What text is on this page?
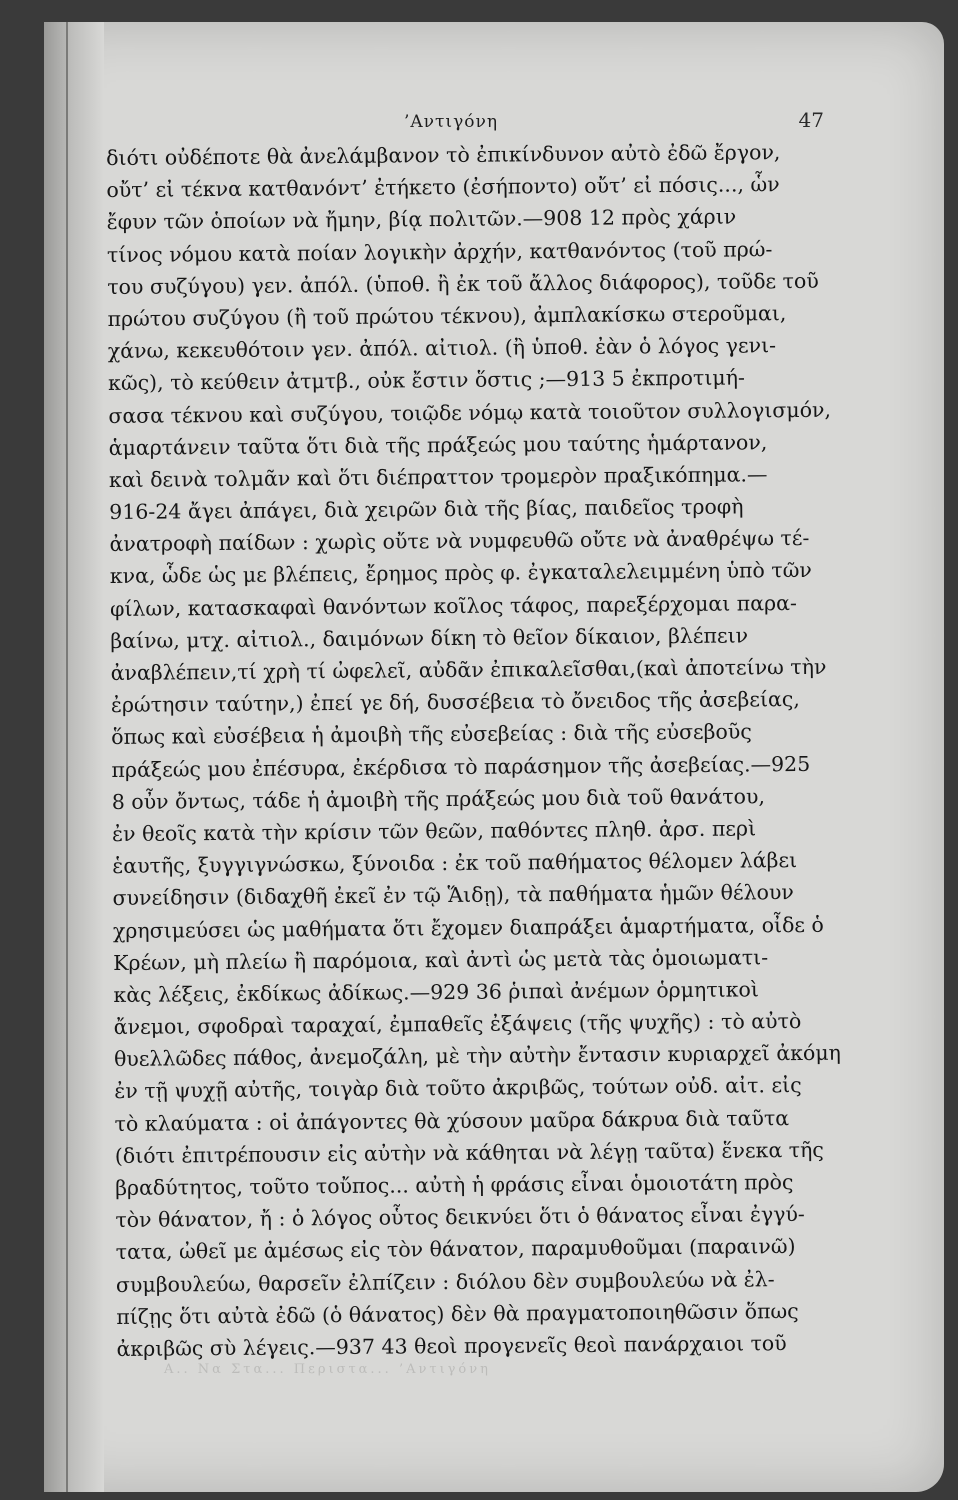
’Αντιγόνη	47
Α.. Να Στα... Περιστα... ’Αντιγόνη
διότι οὐδέποτε θὰ ἀνελάμβανον τὸ ἐπικίνδυνον αὐτὸ ἐδῶ ἔργον,
οὔτ’ εἰ τέκνα κατθανόντ’ ἐτήκετο (ἐσήποντο) οὔτ’ εἰ πόσις..., ὧν
ἔφυν τῶν ὁποίων νὰ ἤμην, βίᾳ πολιτῶν.—908 12 πρὸς χάριν
τίνος νόμου κατὰ ποίαν λογικὴν ἀρχήν, κατθανόντος (τοῦ πρώ-
του συζύγου) γεν. ἀπόλ. (ὑποθ. ἢ ἐκ τοῦ ἄλλος διάφορος), τοῦδε τοῦ
πρώτου συζύγου (ἢ τοῦ πρώτου τέκνου), ἀμπλακίσκω στεροῦμαι,
χάνω, κεκευθότοιν γεν. ἀπόλ. αἰτιολ. (ἢ ὑποθ. ἐὰν ὁ λόγος γενι-
κῶς), τὸ κεύθειν ἀτμτβ., οὐκ ἔστιν ὅστις ;—913 5 ἐκπροτιμή-
σασα τέκνου καὶ συζύγου, τοιῷδε νόμῳ κατὰ τοιοῦτον συλλογισμόν,
ἁμαρτάνειν ταῦτα ὅτι διὰ τῆς πράξεώς μου ταύτης ἡμάρτανον,
καὶ δεινὰ τολμᾶν καὶ ὅτι διέπραττον τρομερὸν πραξικόπημα.—
916-24 ἄγει ἀπάγει, διὰ χειρῶν διὰ τῆς βίας, παιδεῖος τροφὴ
ἀνατροφὴ παίδων : χωρὶς οὔτε νὰ νυμφευθῶ οὔτε νὰ ἀναθρέψω τέ-
κνα, ὧδε ὡς με βλέπεις, ἔρημος πρὸς φ. ἐγκαταλελειμμένη ὑπὸ τῶν
φίλων, κατασκαφαὶ θανόντων κοῖλος τάφος, παρεξέρχομαι παρα-
βαίνω, μτχ. αἰτιολ., δαιμόνων δίκη τὸ θεῖον δίκαιον, βλέπειν
ἀναβλέπειν,τί χρὴ τί ὠφελεῖ, αὐδᾶν ἐπικαλεῖσθαι,(καὶ ἀποτείνω τὴν
ἐρώτησιν ταύτην,) ἐπεί γε δή, δυσσέβεια τὸ ὄνειδος τῆς ἀσεβείας,
ὅπως καὶ εὐσέβεια ἡ ἀμοιβὴ τῆς εὐσεβείας : διὰ τῆς εὐσεβοῦς
πράξεώς μου ἐπέσυρα, ἐκέρδισα τὸ παράσημον τῆς ἀσεβείας.—925
8 οὖν ὄντως, τάδε ἡ ἀμοιβὴ τῆς πράξεώς μου διὰ τοῦ θανάτου,
ἐν θεοῖς κατὰ τὴν κρίσιν τῶν θεῶν, παθόντες πληθ. ἀρσ. περὶ
ἑαυτῆς, ξυγγιγνώσκω, ξύνοιδα : ἐκ τοῦ παθήματος θέλομεν λάβει
συνείδησιν (διδαχθῆ ἐκεῖ ἐν τῷ Ἅιδῃ), τὰ παθήματα ἡμῶν θέλουν
χρησιμεύσει ὡς μαθήματα ὅτι ἔχομεν διαπράξει ἁμαρτήματα, οἶδε ὁ
Κρέων, μὴ πλείω ἢ παρόμοια, καὶ ἀντὶ ὡς μετὰ τὰς ὁμοιωματι-
κὰς λέξεις, ἐκδίκως ἀδίκως.—929 36 ῥιπαὶ ἀνέμων ὁρμητικοὶ
ἄνεμοι, σφοδραὶ ταραχαί, ἐμπαθεῖς ἐξάψεις (τῆς ψυχῆς) : τὸ αὐτὸ
θυελλῶδες πάθος, ἀνεμοζάλη, μὲ τὴν αὐτὴν ἔντασιν κυριαρχεῖ ἀκόμη
ἐν τῇ ψυχῇ αὐτῆς, τοιγὰρ διὰ τοῦτο ἀκριβῶς, τούτων οὐδ. αἰτ. εἰς
τὸ κλαύματα : οἱ ἀπάγοντες θὰ χύσουν μαῦρα δάκρυα διὰ ταῦτα
(διότι ἐπιτρέπουσιν εἰς αὐτὴν νὰ κάθηται νὰ λέγῃ ταῦτα) ἕνεκα τῆς
βραδύτητος, τοῦτο τοὔπος... αὐτὴ ἡ φράσις εἶναι ὁμοιοτάτη πρὸς
τὸν θάνατον, ἤ : ὁ λόγος οὗτος δεικνύει ὅτι ὁ θάνατος εἶναι ἐγγύ-
τατα, ὠθεῖ με ἀμέσως εἰς τὸν θάνατον, παραμυθοῦμαι (παραινῶ)
συμβουλεύω, θαρσεῖν ἐλπίζειν : διόλου δὲν συμβουλεύω νὰ ἐλ-
πίζῃς ὅτι αὐτὰ ἐδῶ (ὁ θάνατος) δὲν θὰ πραγματοποιηθῶσιν ὅπως
ἀκριβῶς σὺ λέγεις.—937 43 θεοὶ προγενεῖς θεοὶ πανάρχαιοι τοῦ
